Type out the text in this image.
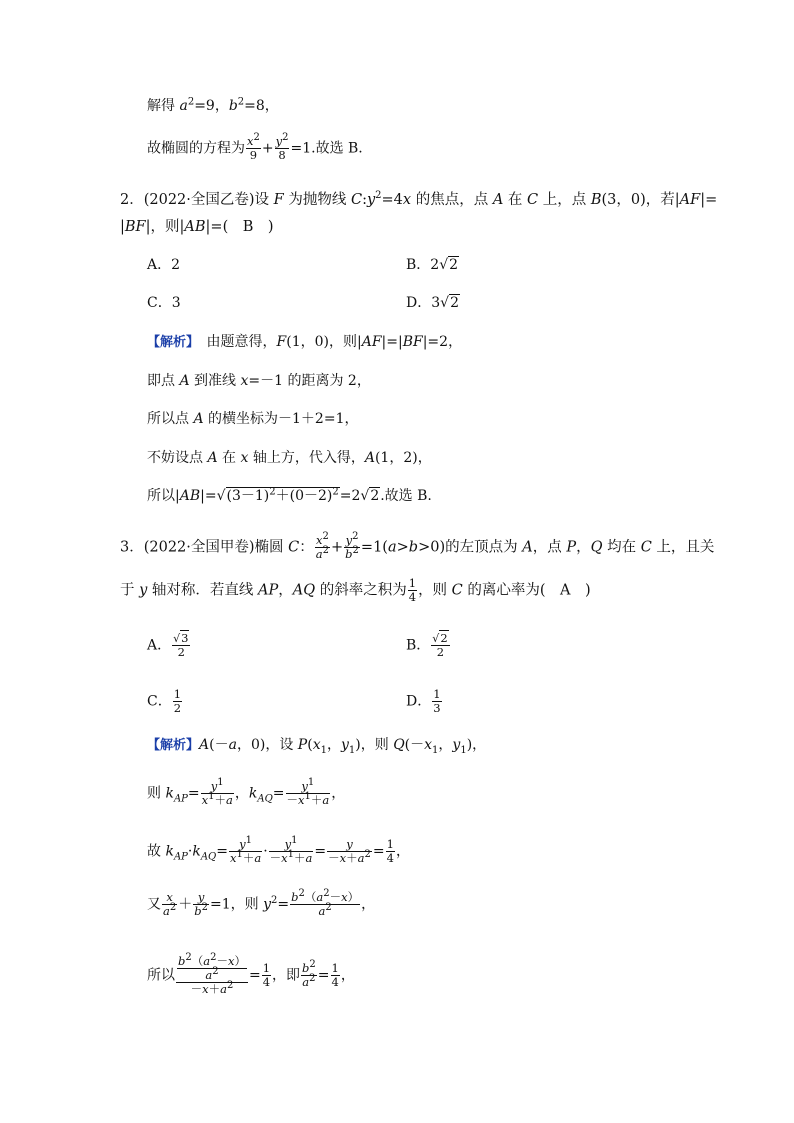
解得 $a^2=9$，$b^2=8$，
故椭圆的方程为 $\frac{x^2}{9} + \frac{y^2}{8} =1$.故选 B.
2．(2022·全国乙卷)设 F 为抛物线 $C:y^2=4x$ 的焦点，点 A 在 C 上，点 B(3，0)，若|AF|=
|BF|，则|AB|=(　B　)
A．2	B．2√2
C．3	D．3√2
【解析】　由题意得，F(1，0)，则|AF|=|BF|=2，
即点 A 到准线 x=－1 的距离为 2，
所以点 A 的横坐标为－1＋2=1，
不妨设点 A 在 x 轴上方，代入得，A(1，2)，
所以$|AB|=√(3-1)^2+(0-2)^2=2√2$.故选 B.
3．(2022·全国甲卷)椭圆 C： $\frac{x^2}{a^2} + \frac{y^2}{b^2} =1(a>b>0)$的左顶点为 A，点 P，Q 均在 C 上，且关
于 y 轴对称．若直线 AP，AQ 的斜率之积为 $\frac{1}{4}$ ，则 C 的离心率为(　A　)
A． $\frac{√3}{2}$	B． $\frac{√2}{2}$
C． $\frac{1}{2}$	D． $\frac{1}{3}$
【解析】A(－a，0)，设 $P(x_1$，$y_1$)，则 $Q(-x_1$，$y_1$)，
则 $k_{AP}= \frac{y^1}{x^1+a}$ ，$k_{AQ}= \frac{y^1}{-x^1+a}$ ，
故 $k_{AP}\cdot k_{AQ}= \frac{y^1}{x^1+a} \cdot \frac{y^1}{-x^1+a} = \frac{y}{-x+a^2} = \frac{1}{4}$ ，
又 $\frac{x}{a^2} + \frac{y}{b^2} =1$，则 $y^2= \frac{b^2(a^2-x)}{a^2}$ ，
所以 $\frac{\frac{b^2(a^2-x)}{a^2}}{-x+a^2} = \frac{1}{4}$ ，即 $\frac{b^2}{a^2} = \frac{1}{4}$ ，
